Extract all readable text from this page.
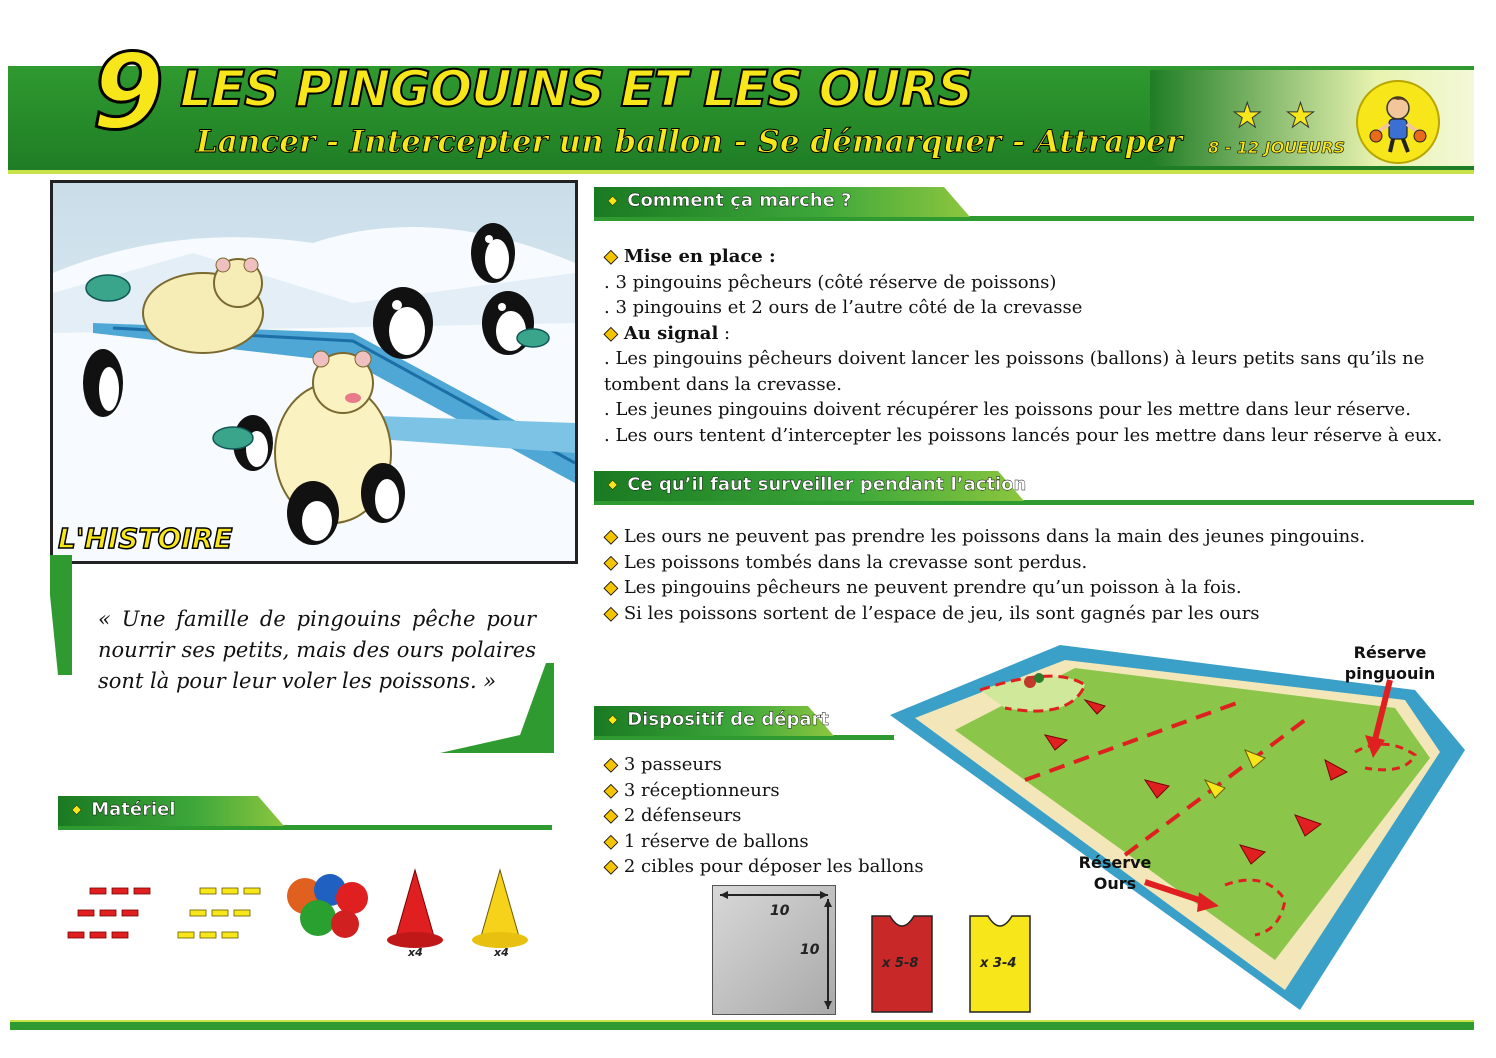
9 LES PINGOUINS ET LES OURS
Lancer - Intercepter un ballon - Se démarquer - Attraper
★ ★
8 - 12 JOUEURS
L'HISTOIRE
« Une famille de pingouins pêche pour nourrir ses petits, mais des ours polaires sont là pour leur voler les poissons. »
◆ Comment ça marche ?
◆ Mise en place :
. 3 pingouins pêcheurs (côté réserve de poissons)
. 3 pingouins et 2 ours de l’autre côté de la crevasse
◆ Au signal :
. Les pingouins pêcheurs doivent lancer les poissons (ballons) à leurs petits sans qu’ils ne tombent dans la crevasse.
. Les jeunes pingouins doivent récupérer les poissons pour les mettre dans leur réserve.
. Les ours tentent d’intercepter les poissons lancés pour les mettre dans leur réserve à eux.
◆ Ce qu’il faut surveiller pendant l’action
◆ Les ours ne peuvent pas prendre les poissons dans la main des jeunes pingouins.
◆ Les poissons tombés dans la crevasse sont perdus.
◆ Les pingouins pêcheurs ne peuvent prendre qu’un poisson à la fois.
◆ Si les poissons sortent de l’espace de jeu, ils sont gagnés par les ours
◆ Dispositif de départ
◆ 3 passeurs
◆ 3 réceptionneurs
◆ 2 défenseurs
◆ 1 réserve de ballons
◆ 2 cibles pour déposer les ballons
Réserve
pinguouin
Réserve
Ours
◆ Matériel
x4	x4
10
10
x 5-8	x 3-4
